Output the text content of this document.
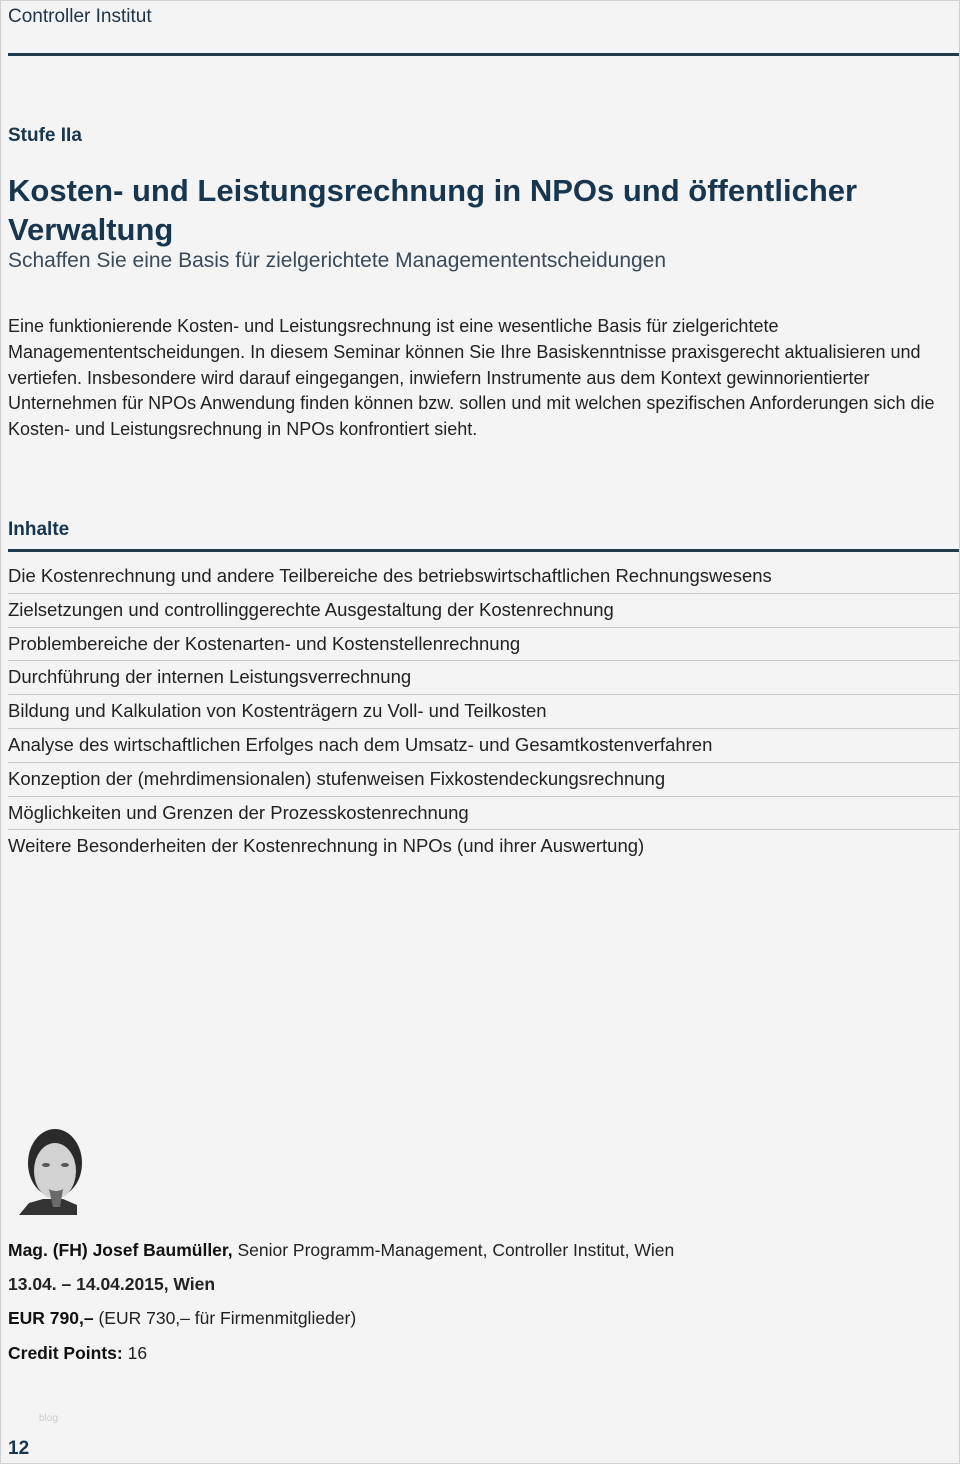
Controller Institut
Stufe IIa
Kosten- und Leistungsrechnung in NPOs und öffentlicher Verwaltung
Schaffen Sie eine Basis für zielgerichtete Managemententscheidungen

Eine funktionierende Kosten- und Leistungsrechnung ist eine wesentliche Basis für zielgerichtete Managemententscheidungen. In diesem Seminar können Sie Ihre Basiskenntnisse praxisgerecht aktualisieren und vertiefen. Insbesondere wird darauf eingegangen, inwiefern Instrumente aus dem Kontext gewinnorientierter Unternehmen für NPOs Anwendung finden können bzw. sollen und mit welchen spezifischen Anforderungen sich die Kosten- und Leistungsrechnung in NPOs konfrontiert sieht.

Inhalte
Die Kostenrechnung und andere Teilbereiche des betriebswirtschaftlichen Rechnungswesens
Zielsetzungen und controllinggerechte Ausgestaltung der Kostenrechnung
Problembereiche der Kostenarten- und Kostenstellenrechnung
Durchführung der internen Leistungsverrechnung
Bildung und Kalkulation von Kostenträgern zu Voll- und Teilkosten
Analyse des wirtschaftlichen Erfolges nach dem Umsatz- und Gesamtkostenverfahren
Konzeption der (mehrdimensionalen) stufenweisen Fixkostendeckungsrechnung
Möglichkeiten und Grenzen der Prozesskostenrechnung
Weitere Besonderheiten der Kostenrechnung in NPOs (und ihrer Auswertung)
Mag. (FH) Josef Baumüller, Senior Programm-Management, Controller Institut, Wien
13.04. – 14.04.2015, Wien
EUR 790,– (EUR 730,– für Firmenmitglieder)
Credit Points: 16
blog
12
